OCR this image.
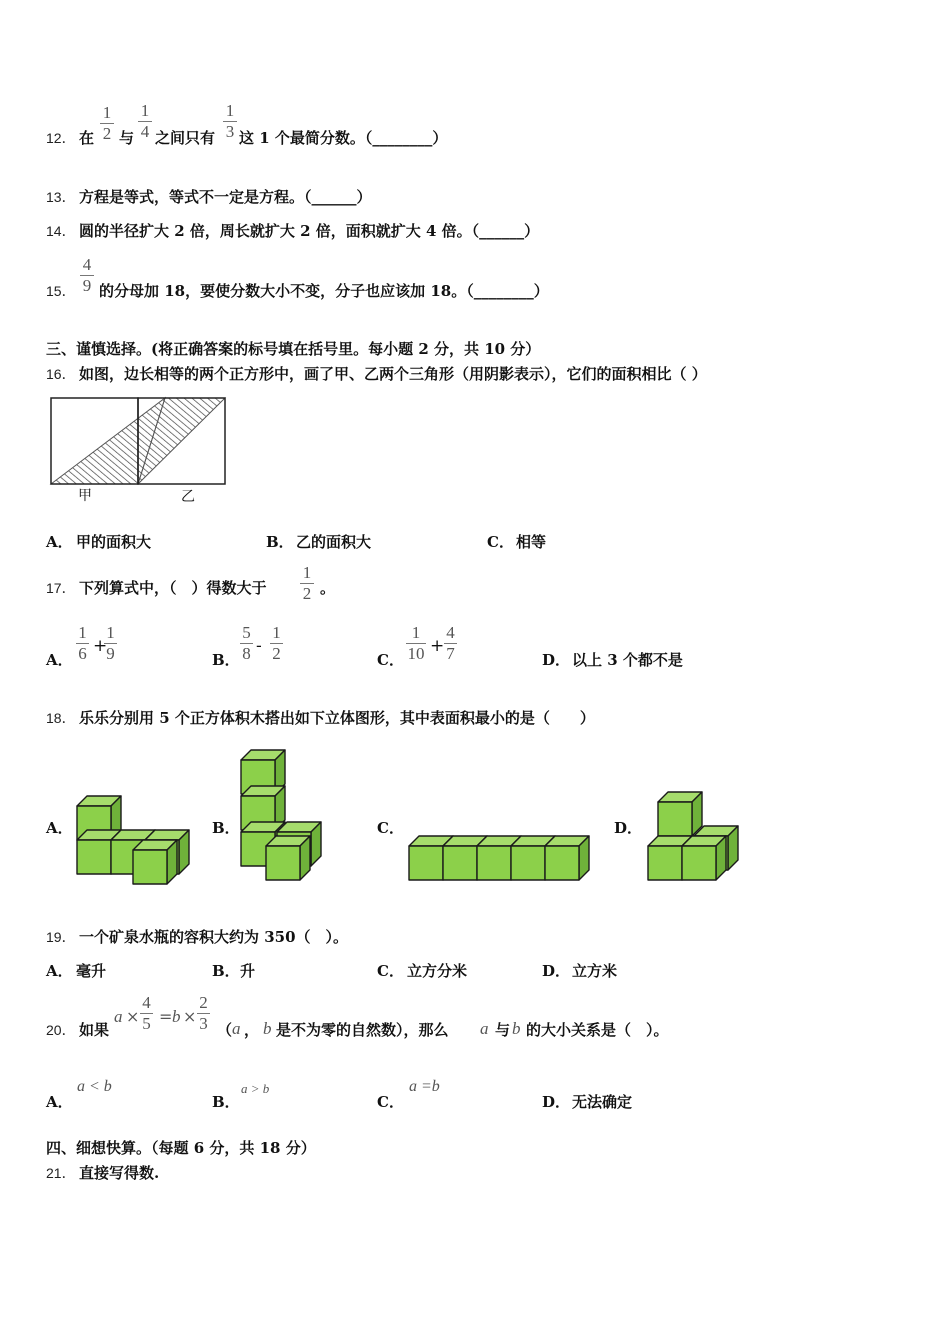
12． 在
1
2 与
1
4 之间只有
1
3 这 1 个最简分数。（________）
13． 方程是等式，等式不一定是方程。（______）
14． 圆的半径扩大 2 倍，周长就扩大 2 倍，面积就扩大 4 倍。（______）
15．
4
9 的分母加 18，要使分数大小不变，分子也应该加 18。（________）
三、谨慎选择。(将正确答案的标号填在括号里。每小题 2 分，共 10 分）
16． 如图，边长相等的两个正方形中，画了甲、乙两个三角形（用阴影表示），它们的面积相比（ ）
甲	乙
A． 甲的面积大	B． 乙的面积大	C． 相等
17． 下列算式中，（　）得数大于
1
2 。
A．
1
6 +
1
9	B．
5
8 -
1
2	C．
1
10 +
4
7	D． 以上 3 个都不是
18． 乐乐分别用 5 个正方体积木搭出如下立体图形，其中表面积最小的是（　　）
A．	B．	C．	D．
19． 一个矿泉水瓶的容积大约为 350（　）。
A． 毫升	B． 升	C． 立方分米	D． 立方米
20． 如果
a ×
4
5 = b ×
2
3 （ a ， b 是不为零的自然数），那么 a 与 b 的大小关系是（　）。
A．
a < b
B．
a > b
C．
a =b
D． 无法确定
四、细想快算。（每题 6 分，共 18 分）
21． 直接写得数.
